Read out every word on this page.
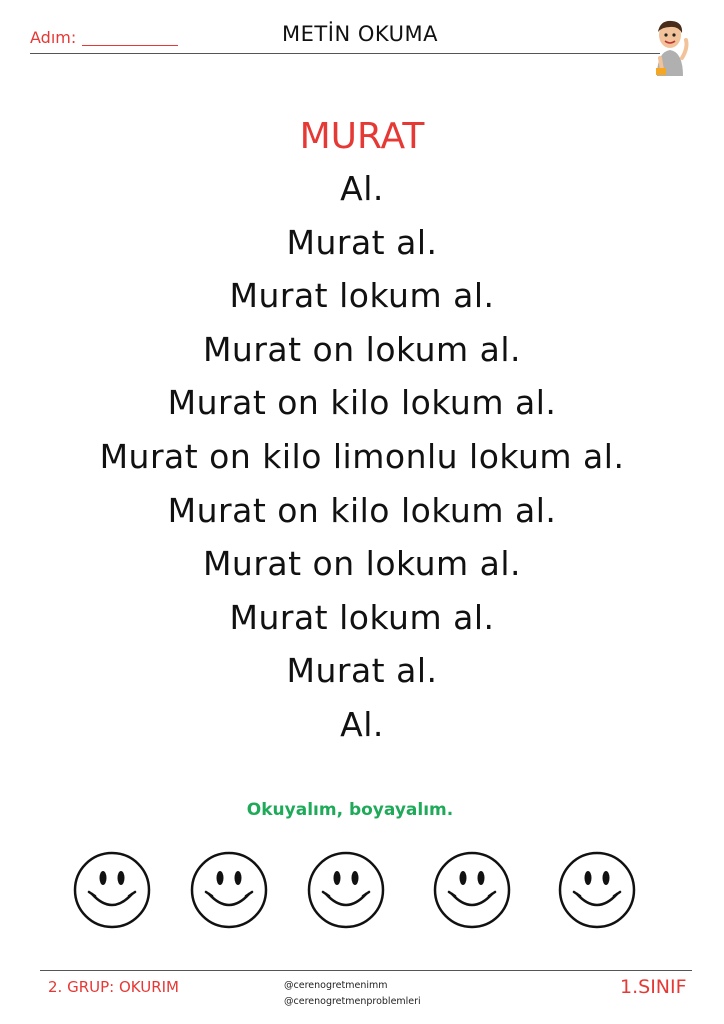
Adım:	METİN OKUMA
MURAT
Al.
Murat al.
Murat lokum al.
Murat on lokum al.
Murat on kilo lokum al.
Murat on kilo limonlu lokum al.
Murat on kilo lokum al.
Murat on lokum al.
Murat lokum al.
Murat al.
Al.
Okuyalım, boyayalım.
2. GRUP: OKURIM	@cerenogretmenimm
@cerenogretmenproblemleri
1.SINIF
